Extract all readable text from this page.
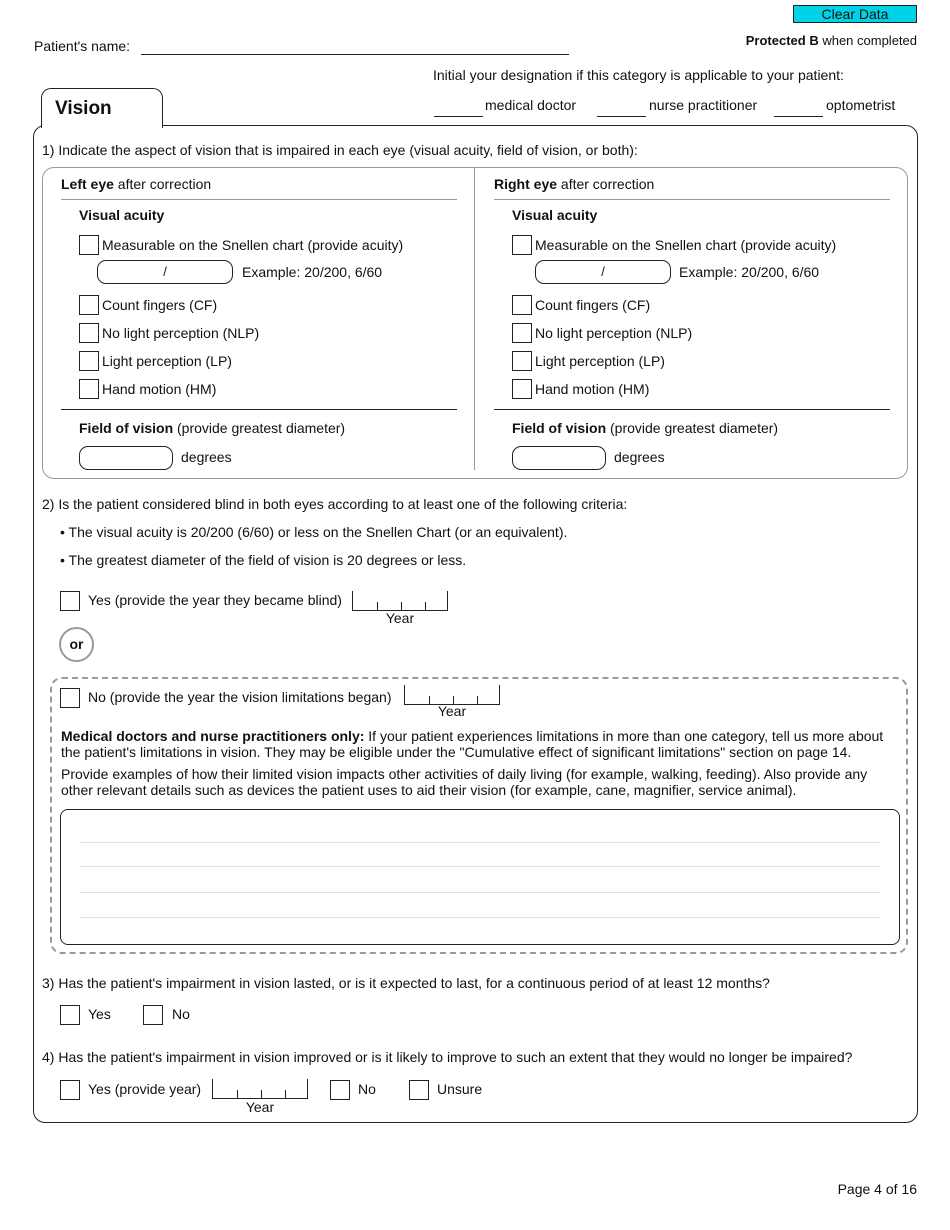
Clear Data
Patient's name:	Protected B when completed
Initial your designation if this category is applicable to your patient:
medical doctor	nurse practitioner	optometrist
Vision
1) Indicate the aspect of vision that is impaired in each eye (visual acuity, field of vision, or both):
Left eye after correction
Visual acuity
Measurable on the Snellen chart (provide acuity)
/	Example: 20/200, 6/60
Count fingers (CF)
No light perception (NLP)
Light perception (LP)
Hand motion (HM)
Field of vision (provide greatest diameter)
degrees
Right eye after correction
Visual acuity
Measurable on the Snellen chart (provide acuity)
/	Example: 20/200, 6/60
Count fingers (CF)
No light perception (NLP)
Light perception (LP)
Hand motion (HM)
Field of vision (provide greatest diameter)
degrees
2) Is the patient considered blind in both eyes according to at least one of the following criteria:
• The visual acuity is 20/200 (6/60) or less on the Snellen Chart (or an equivalent).
• The greatest diameter of the field of vision is 20 degrees or less.
Yes (provide the year they became blind)
Year
or
No (provide the year the vision limitations began)
Year
Medical doctors and nurse practitioners only: If your patient experiences limitations in more than one category, tell us more about the patient's limitations in vision. They may be eligible under the "Cumulative effect of significant limitations" section on page 14.
Provide examples of how their limited vision impacts other activities of daily living (for example, walking, feeding). Also provide any other relevant details such as devices the patient uses to aid their vision (for example, cane, magnifier, service animal).
3) Has the patient's impairment in vision lasted, or is it expected to last, for a continuous period of at least 12 months?
Yes	No
4) Has the patient's impairment in vision improved or is it likely to improve to such an extent that they would no longer be impaired?
Yes (provide year)
Year
No	Unsure
Page 4 of 16
